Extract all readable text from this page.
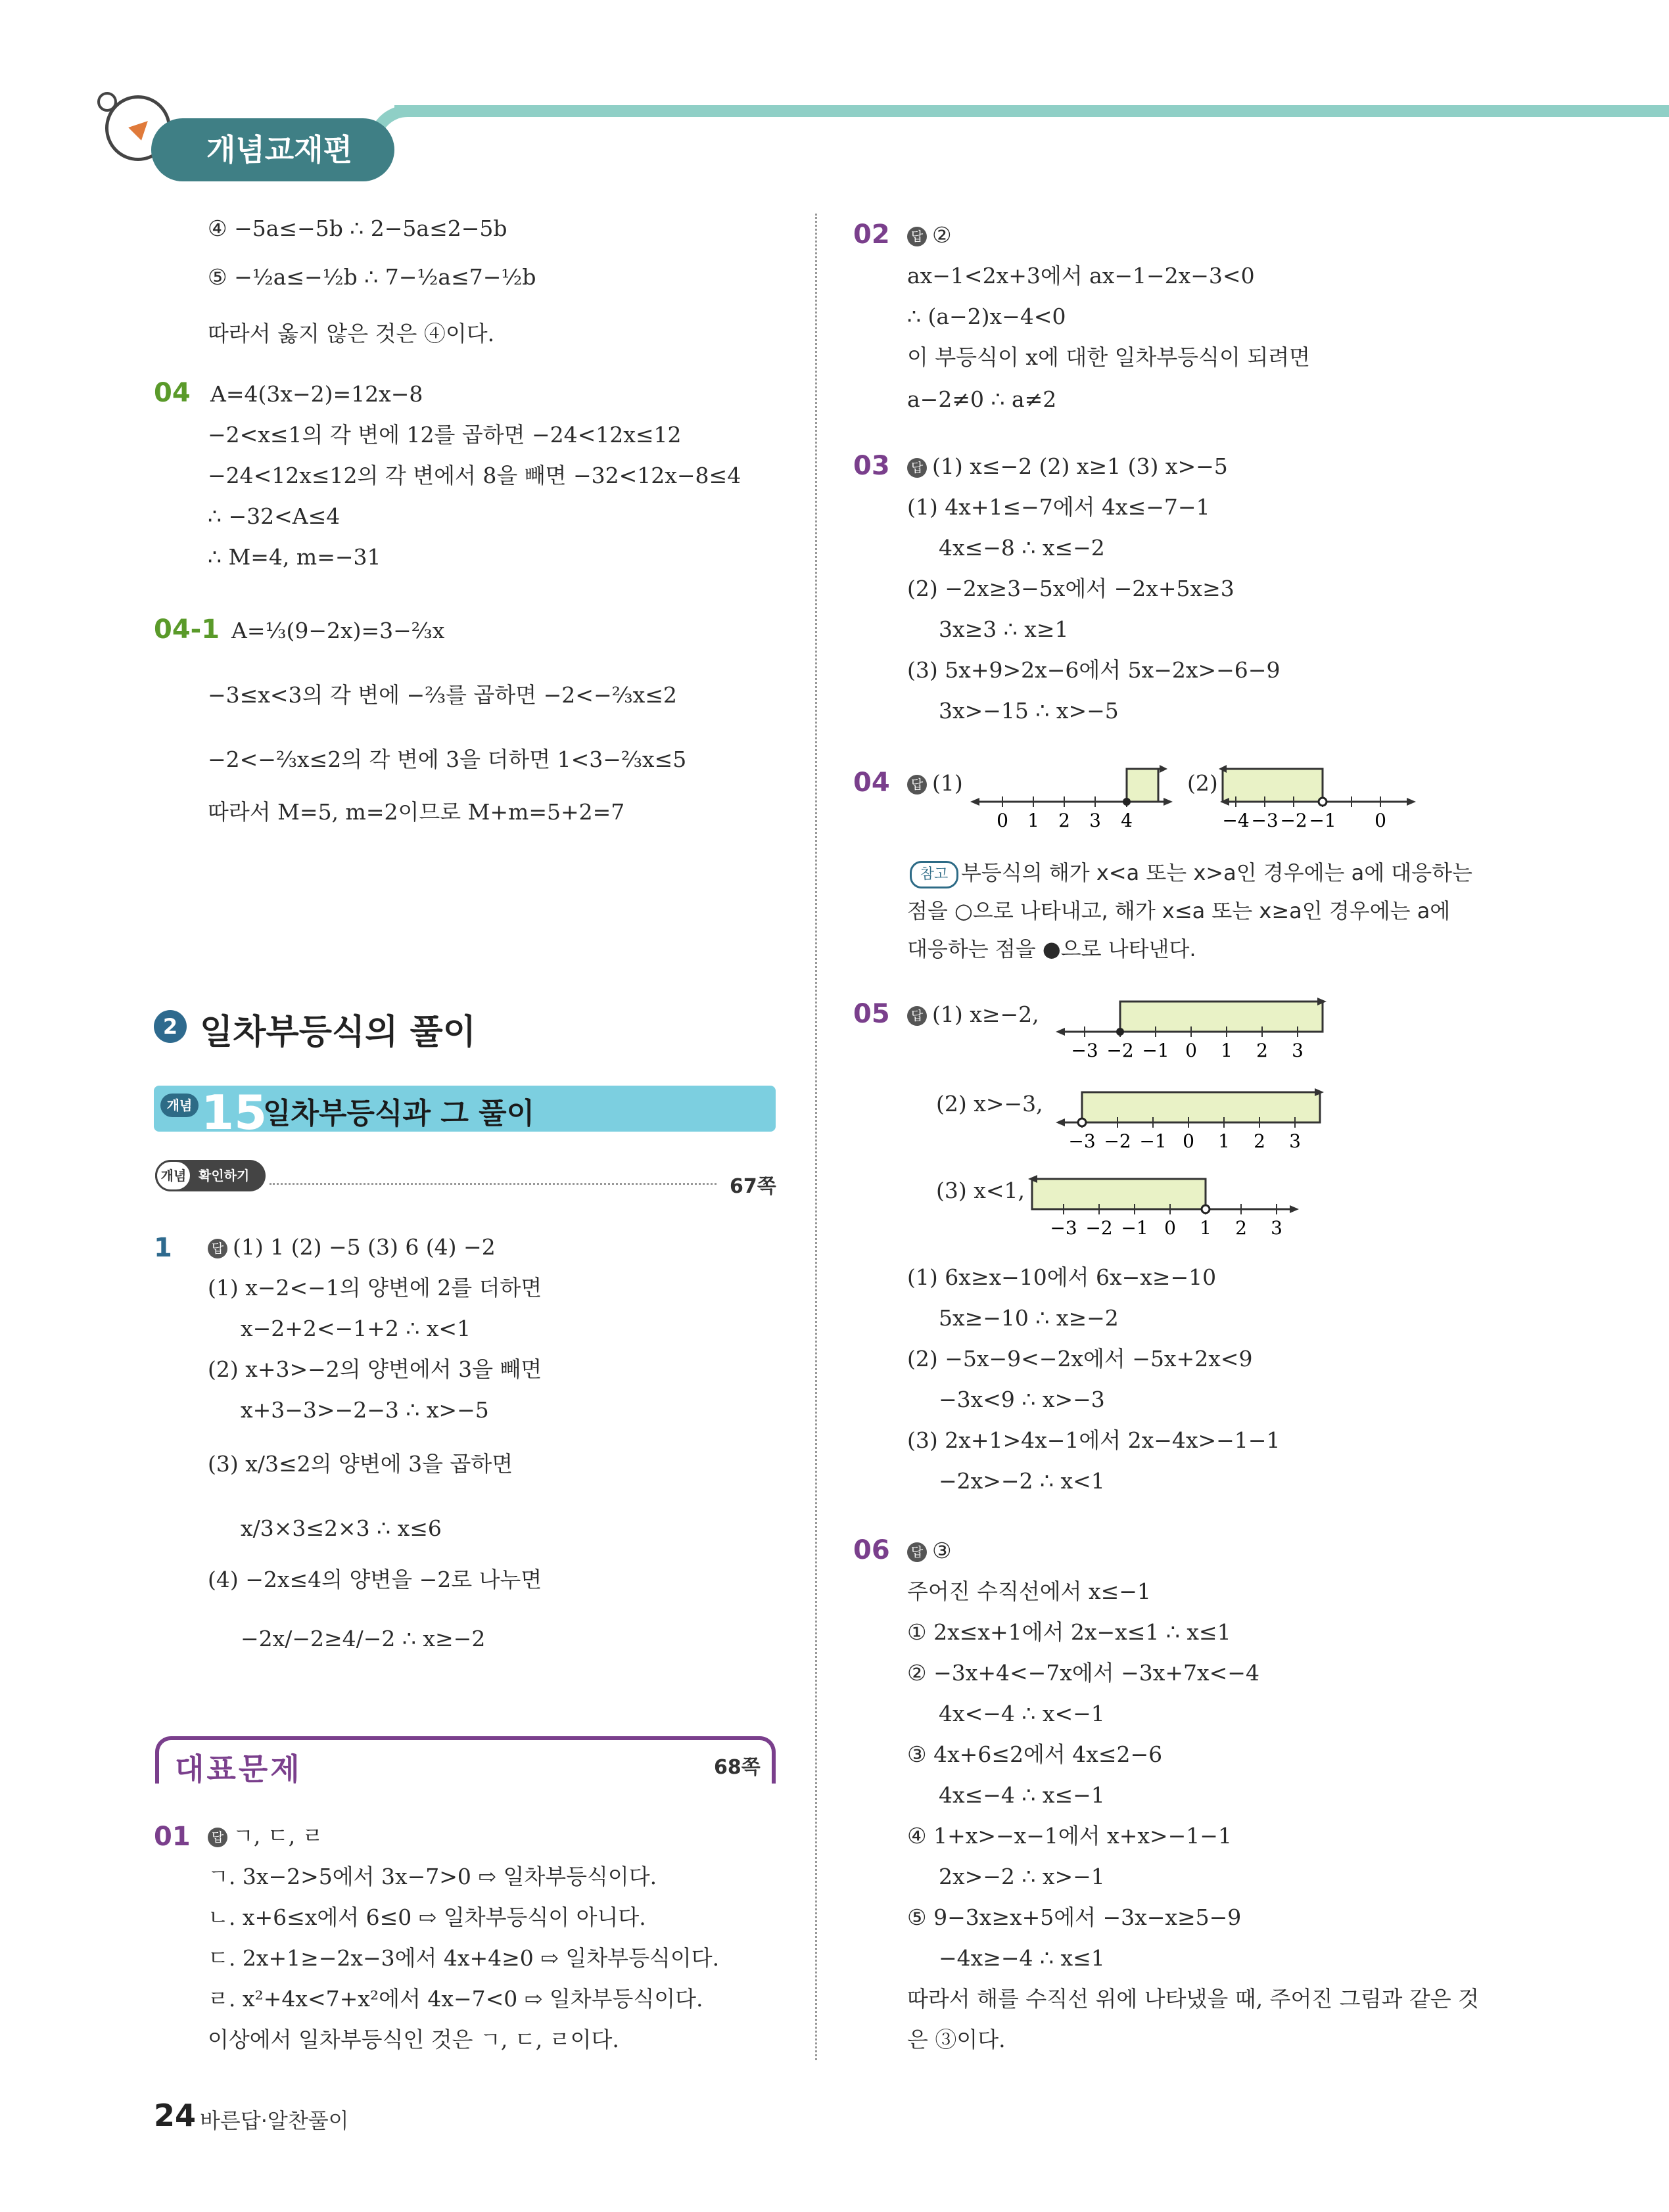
개념교재편
④ −5a≤−5b ∴ 2−5a≤2−5b
⑤ −½a≤−½b ∴ 7−½a≤7−½b
따라서 옳지 않은 것은 ④이다.
04 A=4(3x−2)=12x−8
−2<x≤1의 각 변에 12를 곱하면 −24<12x≤12
−24<12x≤12의 각 변에서 8을 빼면 −32<12x−8≤4
∴ −32<A≤4
∴ M=4, m=−31
04-1 A=⅓(9−2x)=3−⅔x
−3≤x<3의 각 변에 −⅔를 곱하면 −2<−⅔x≤2
−2<−⅔x≤2의 각 변에 3을 더하면 1<3−⅔x≤5
따라서 M=5, m=2이므로 M+m=5+2=7
2 일차부등식의 풀이
개념 15
일차부등식과 그 풀이
개념 확인하기	67쪽
1	답 (1) 1 (2) −5 (3) 6 (4) −2
(1) x−2<−1의 양변에 2를 더하면
x−2+2<−1+2 ∴ x<1
(2) x+3>−2의 양변에서 3을 빼면
x+3−3>−2−3 ∴ x>−5
(3) x/3≤2의 양변에 3을 곱하면
x/3×3≤2×3 ∴ x≤6
(4) −2x≤4의 양변을 −2로 나누면
−2x/−2≥4/−2 ∴ x≥−2
대표문제	68쪽
01	답 ㄱ, ㄷ, ㄹ
ㄱ. 3x−2>5에서 3x−7>0 ⇨ 일차부등식이다.
ㄴ. x+6≤x에서 6≤0 ⇨ 일차부등식이 아니다.
ㄷ. 2x+1≥−2x−3에서 4x+4≥0 ⇨ 일차부등식이다.
ㄹ. x²+4x<7+x²에서 4x−7<0 ⇨ 일차부등식이다.
이상에서 일차부등식인 것은 ㄱ, ㄷ, ㄹ이다.
02	답 ②
ax−1<2x+3에서 ax−1−2x−3<0
∴ (a−2)x−4<0
이 부등식이 x에 대한 일차부등식이 되려면
a−2≠0 ∴ a≠2
03	답 (1) x≤−2 (2) x≥1 (3) x>−5
(1) 4x+1≤−7에서 4x≤−7−1
4x≤−8 ∴ x≤−2
(2) −2x≥3−5x에서 −2x+5x≥3
3x≥3 ∴ x≥1
(3) 5x+9>2x−6에서 5x−2x>−6−9
3x>−15 ∴ x>−5
04	답 (1)
0 1 2 3 4
(2)
−4 −3 −2 −1 0
참고 부등식의 해가 x<a 또는 x>a인 경우에는 a에 대응하는
점을 ○으로 나타내고, 해가 x≤a 또는 x≥a인 경우에는 a에
대응하는 점을 ●으로 나타낸다.
05	답 (1) x≥−2,
−3 −2 −1 0 1 2 3
(2) x>−3,
−3 −2 −1 0 1 2 3
(3) x<1,
−3 −2 −1 0 1 2 3
(1) 6x≥x−10에서 6x−x≥−10
5x≥−10 ∴ x≥−2
(2) −5x−9<−2x에서 −5x+2x<9
−3x<9 ∴ x>−3
(3) 2x+1>4x−1에서 2x−4x>−1−1
−2x>−2 ∴ x<1
06	답 ③
주어진 수직선에서 x≤−1
① 2x≤x+1에서 2x−x≤1 ∴ x≤1
② −3x+4<−7x에서 −3x+7x<−4
4x<−4 ∴ x<−1
③ 4x+6≤2에서 4x≤2−6
4x≤−4 ∴ x≤−1
④ 1+x>−x−1에서 x+x>−1−1
2x>−2 ∴ x>−1
⑤ 9−3x≥x+5에서 −3x−x≥5−9
−4x≥−4 ∴ x≤1
따라서 해를 수직선 위에 나타냈을 때, 주어진 그림과 같은 것
은 ③이다.
24 바른답·알찬풀이
